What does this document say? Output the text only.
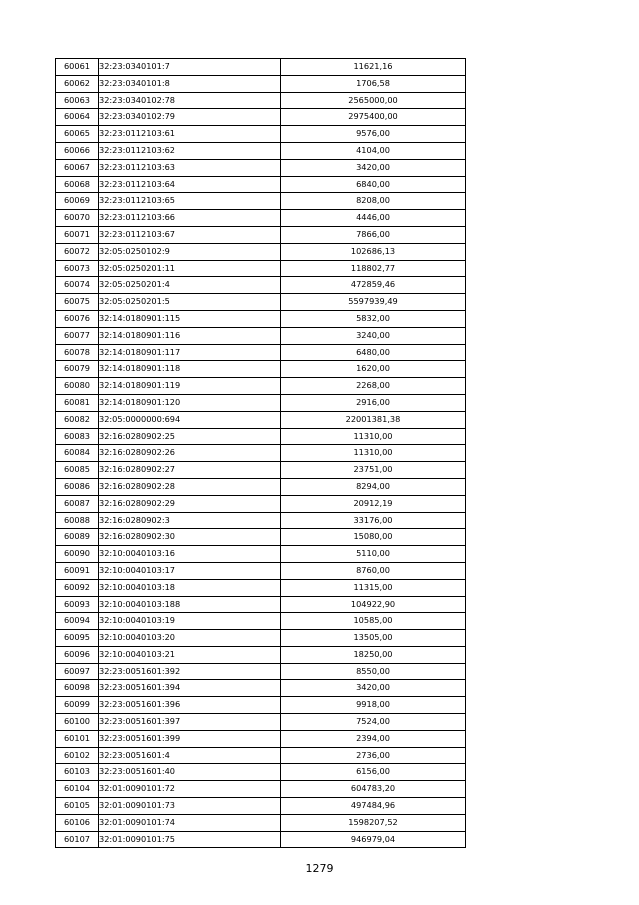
60061	32:23:0340101:7	11621,16
60062	32:23:0340101:8	1706,58
60063	32:23:0340102:78	2565000,00
60064	32:23:0340102:79	2975400,00
60065	32:23:0112103:61	9576,00
60066	32:23:0112103:62	4104,00
60067	32:23:0112103:63	3420,00
60068	32:23:0112103:64	6840,00
60069	32:23:0112103:65	8208,00
60070	32:23:0112103:66	4446,00
60071	32:23:0112103:67	7866,00
60072	32:05:0250102:9	102686,13
60073	32:05:0250201:11	118802,77
60074	32:05:0250201:4	472859,46
60075	32:05:0250201:5	5597939,49
60076	32:14:0180901:115	5832,00
60077	32:14:0180901:116	3240,00
60078	32:14:0180901:117	6480,00
60079	32:14:0180901:118	1620,00
60080	32:14:0180901:119	2268,00
60081	32:14:0180901:120	2916,00
60082	32:05:0000000:694	22001381,38
60083	32:16:0280902:25	11310,00
60084	32:16:0280902:26	11310,00
60085	32:16:0280902:27	23751,00
60086	32:16:0280902:28	8294,00
60087	32:16:0280902:29	20912,19
60088	32:16:0280902:3	33176,00
60089	32:16:0280902:30	15080,00
60090	32:10:0040103:16	5110,00
60091	32:10:0040103:17	8760,00
60092	32:10:0040103:18	11315,00
60093	32:10:0040103:188	104922,90
60094	32:10:0040103:19	10585,00
60095	32:10:0040103:20	13505,00
60096	32:10:0040103:21	18250,00
60097	32:23:0051601:392	8550,00
60098	32:23:0051601:394	3420,00
60099	32:23:0051601:396	9918,00
60100	32:23:0051601:397	7524,00
60101	32:23:0051601:399	2394,00
60102	32:23:0051601:4	2736,00
60103	32:23:0051601:40	6156,00
60104	32:01:0090101:72	604783,20
60105	32:01:0090101:73	497484,96
60106	32:01:0090101:74	1598207,52
60107	32:01:0090101:75	946979,04
1279
